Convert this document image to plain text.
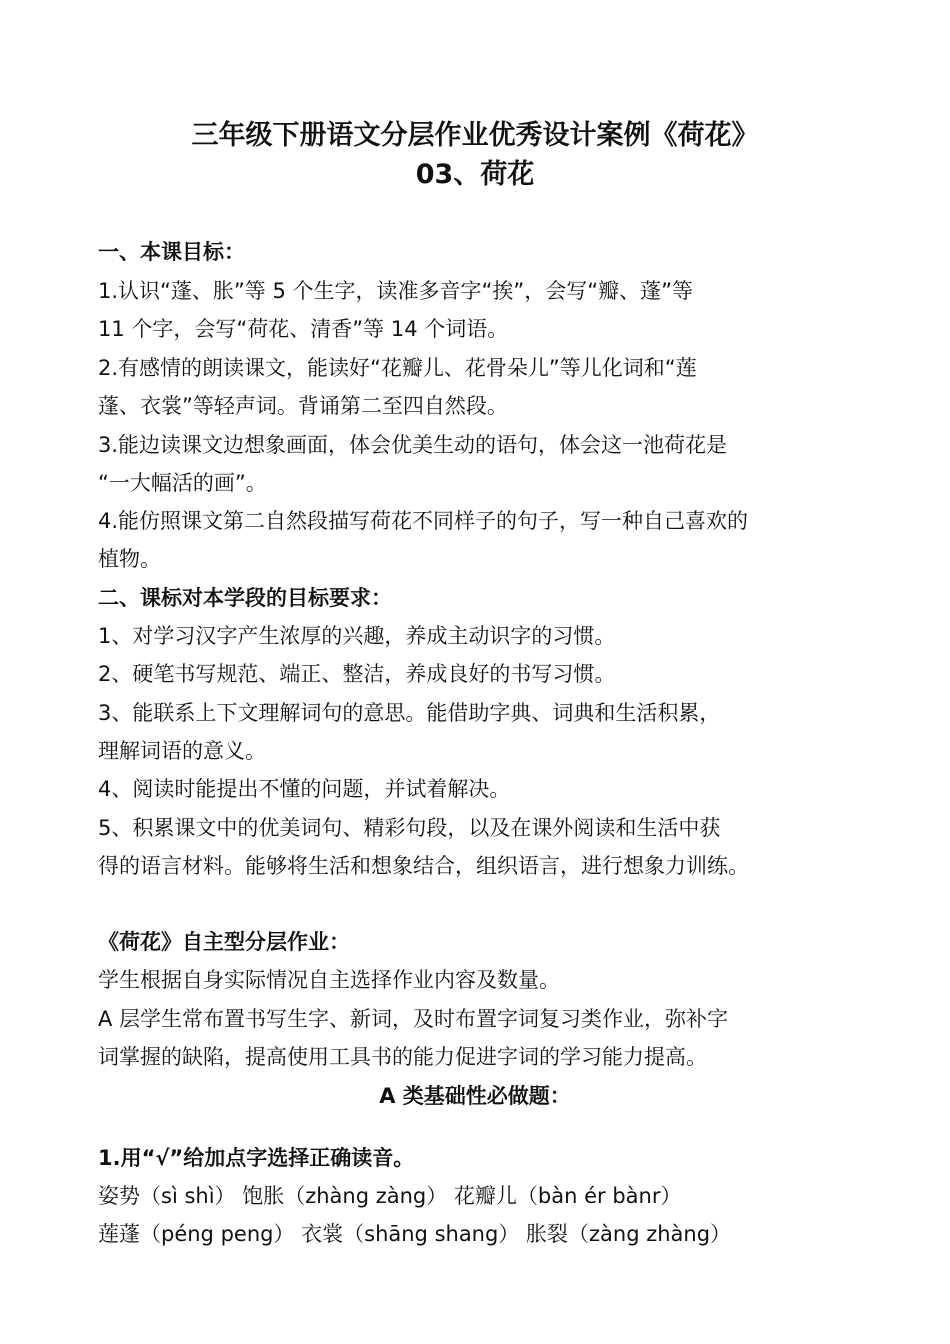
三年级下册语文分层作业优秀设计案例《荷花》
03、荷花
一、本课目标：
1.认识“蓬、胀”等 5 个生字，读准多音字“挨”，会写“瓣、蓬”等
11 个字，会写“荷花、清香”等 14 个词语。
2.有感情的朗读课文，能读好“花瓣儿、花骨朵儿”等儿化词和“莲
蓬、衣裳”等轻声词。背诵第二至四自然段。
3.能边读课文边想象画面，体会优美生动的语句，体会这一池荷花是
“一大幅活的画”。
4.能仿照课文第二自然段描写荷花不同样子的句子，写一种自己喜欢的
植物。
二、课标对本学段的目标要求：
1、对学习汉字产生浓厚的兴趣，养成主动识字的习惯。
2、硬笔书写规范、端正、整洁，养成良好的书写习惯。
3、能联系上下文理解词句的意思。能借助字典、词典和生活积累，
理解词语的意义。
4、阅读时能提出不懂的问题，并试着解决。
5、积累课文中的优美词句、精彩句段，以及在课外阅读和生活中获
得的语言材料。能够将生活和想象结合，组织语言，进行想象力训练。
《荷花》自主型分层作业：
学生根据自身实际情况自主选择作业内容及数量。
A 层学生常布置书写生字、新词，及时布置字词复习类作业，弥补字
词掌握的缺陷，提高使用工具书的能力促进字词的学习能力提高。
A 类基础性必做题：
1.用“√”给加点字选择正确读音。
姿势（sì shì） 饱胀（zhàng zàng） 花瓣儿（bàn ér bànr）
莲蓬（péng peng） 衣裳（shāng shang） 胀裂（zàng zhàng）
